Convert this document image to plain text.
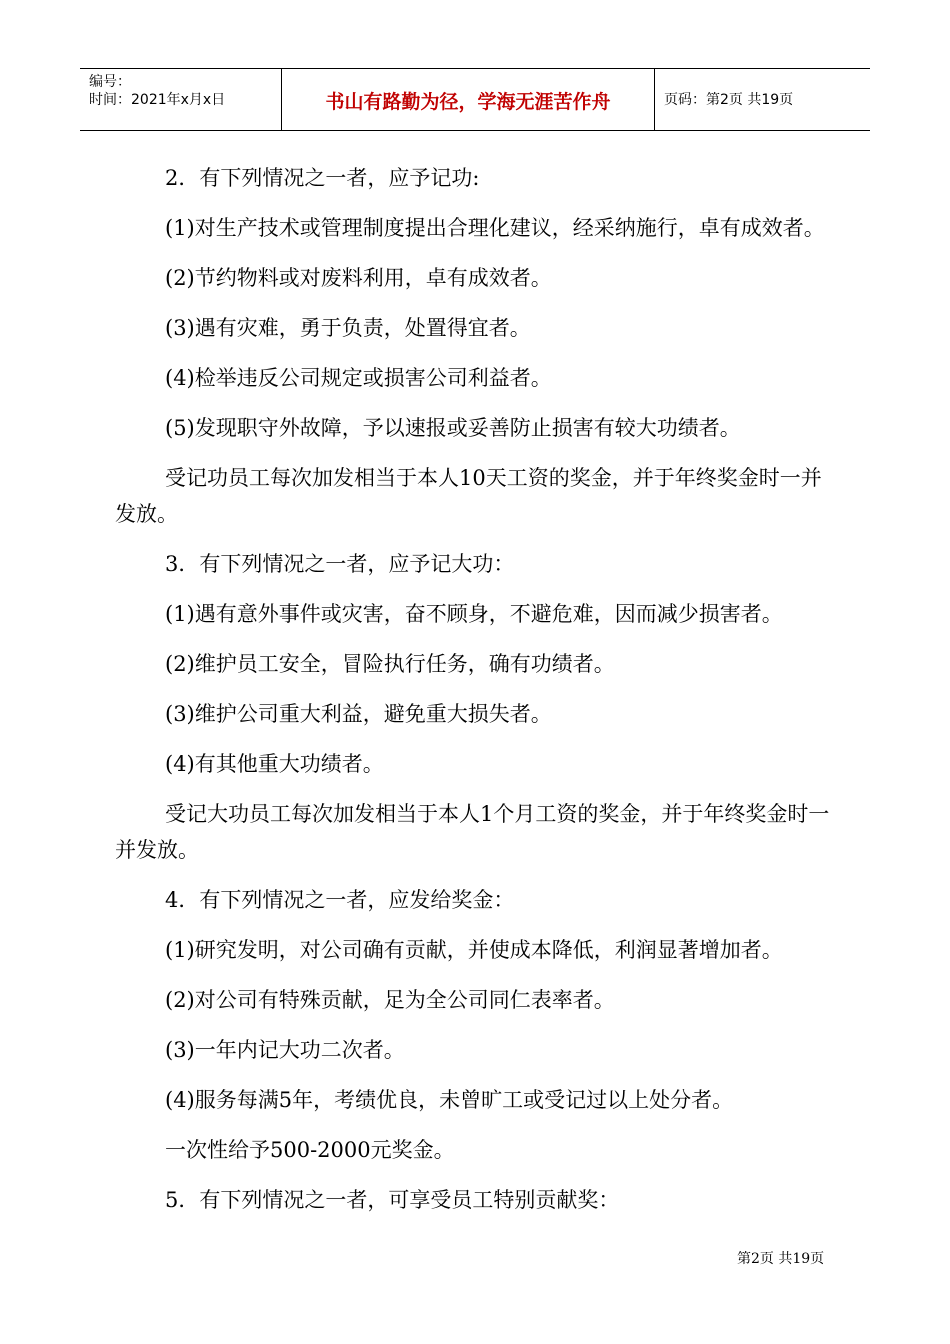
编号：
时间：2021年x月x日	书山有路勤为径，学海无涯苦作舟	页码：第2页 共19页

2．有下列情况之一者，应予记功:

(1)对生产技术或管理制度提出合理化建议，经采纳施行，卓有成效者。

(2)节约物料或对废料利用，卓有成效者。

(3)遇有灾难，勇于负责，处置得宜者。

(4)检举违反公司规定或损害公司利益者。

(5)发现职守外故障，予以速报或妥善防止损害有较大功绩者。

受记功员工每次加发相当于本人10天工资的奖金，并于年终奖金时一并发放。

3．有下列情况之一者，应予记大功：

(1)遇有意外事件或灾害，奋不顾身，不避危难，因而减少损害者。

(2)维护员工安全，冒险执行任务，确有功绩者。

(3)维护公司重大利益，避免重大损失者。

(4)有其他重大功绩者。

受记大功员工每次加发相当于本人1个月工资的奖金，并于年终奖金时一并发放。

4．有下列情况之一者，应发给奖金：

(1)研究发明，对公司确有贡献，并使成本降低，利润显著增加者。

(2)对公司有特殊贡献，足为全公司同仁表率者。

(3)一年内记大功二次者。

(4)服务每满5年，考绩优良，未曾旷工或受记过以上处分者。

一次性给予500-2000元奖金。

5．有下列情况之一者，可享受员工特别贡献奖：

第2页 共19页
